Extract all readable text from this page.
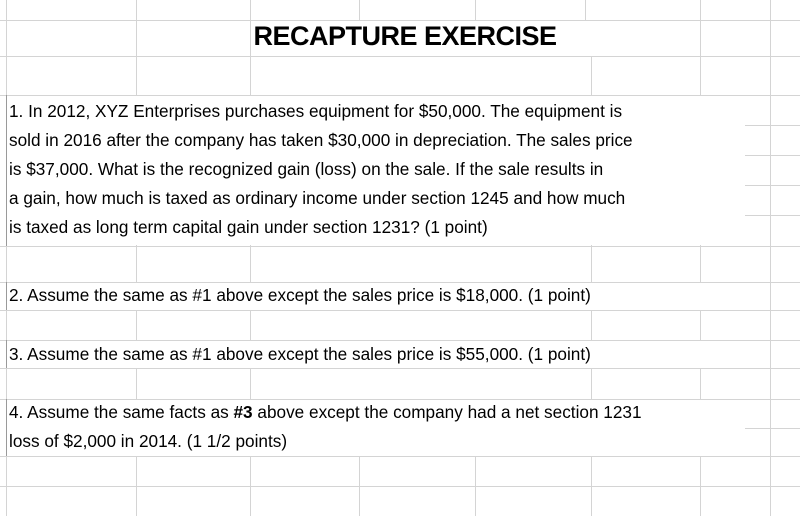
RECAPTURE EXERCISE
1. In 2012, XYZ Enterprises purchases equipment for $50,000. The equipment is
sold in 2016 after the company has taken $30,000 in depreciation. The sales price
is $37,000. What is the recognized gain (loss) on the sale. If the sale results in
a gain, how much is taxed as ordinary income under section 1245 and how much
is taxed as long term capital gain under section 1231? (1 point)
2. Assume the same as #1 above except the sales price is $18,000. (1 point)
3. Assume the same as #1 above except the sales price is $55,000. (1 point)
4. Assume the same facts as #3 above except the company had a net section 1231
loss of $2,000 in 2014. (1 1/2 points)
